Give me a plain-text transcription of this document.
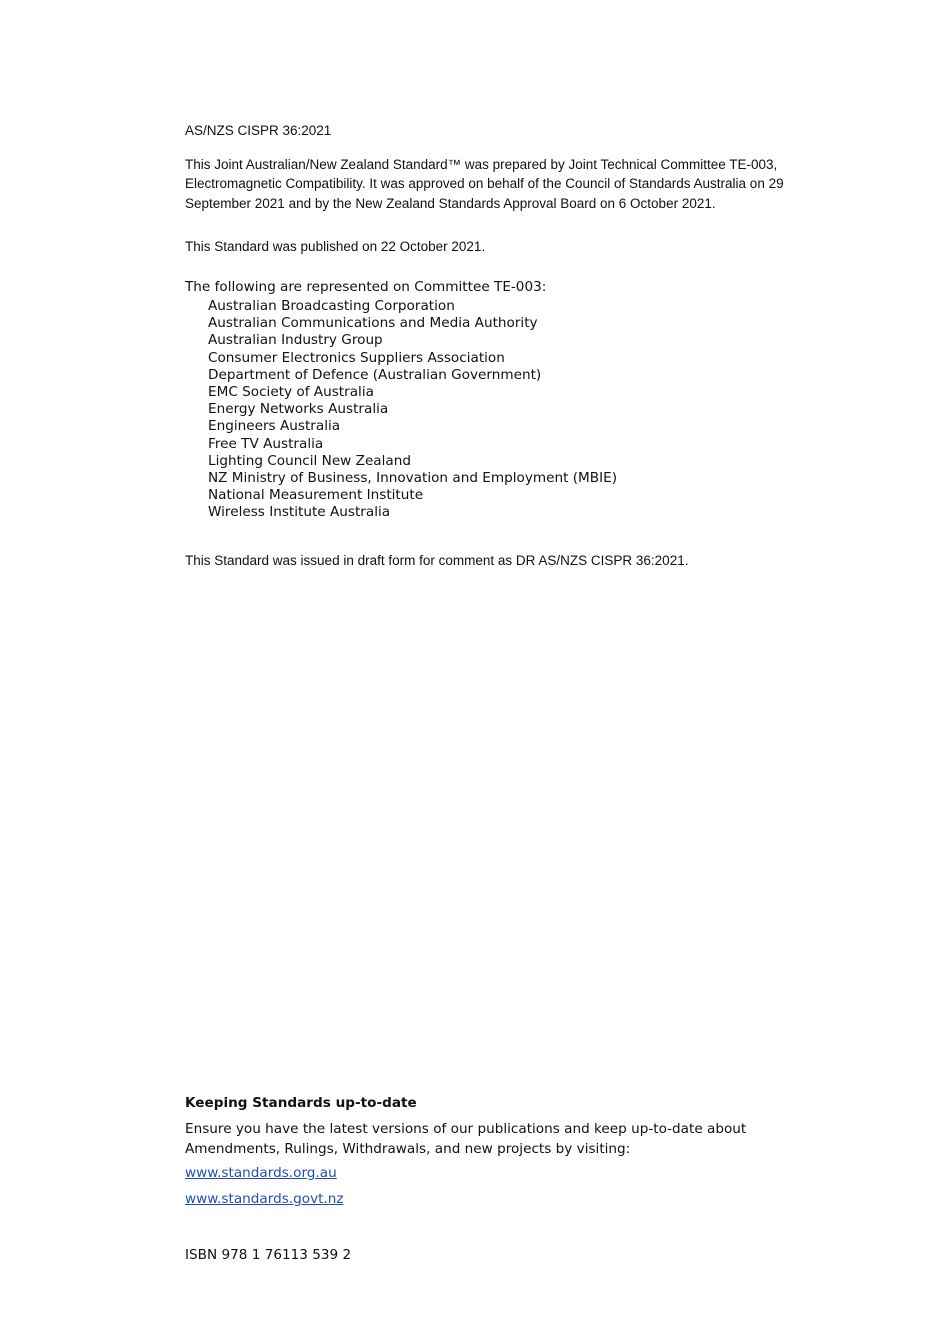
AS/NZS CISPR 36:2021

This Joint Australian/New Zealand Standard™ was prepared by Joint Technical Committee TE-003, Electromagnetic Compatibility. It was approved on behalf of the Council of Standards Australia on 29 September 2021 and by the New Zealand Standards Approval Board on 6 October 2021.

This Standard was published on 22 October 2021.

The following are represented on Committee TE-003:

Australian Broadcasting Corporation
Australian Communications and Media Authority
Australian Industry Group
Consumer Electronics Suppliers Association
Department of Defence (Australian Government)
EMC Society of Australia
Energy Networks Australia
Engineers Australia
Free TV Australia
Lighting Council New Zealand
NZ Ministry of Business, Innovation and Employment (MBIE)
National Measurement Institute
Wireless Institute Australia

This Standard was issued in draft form for comment as DR AS/NZS CISPR 36:2021.

Keeping Standards up-to-date

Ensure you have the latest versions of our publications and keep up-to-date about Amendments, Rulings, Withdrawals, and new projects by visiting:

www.standards.org.au
www.standards.govt.nz

ISBN 978 1 76113 539 2
